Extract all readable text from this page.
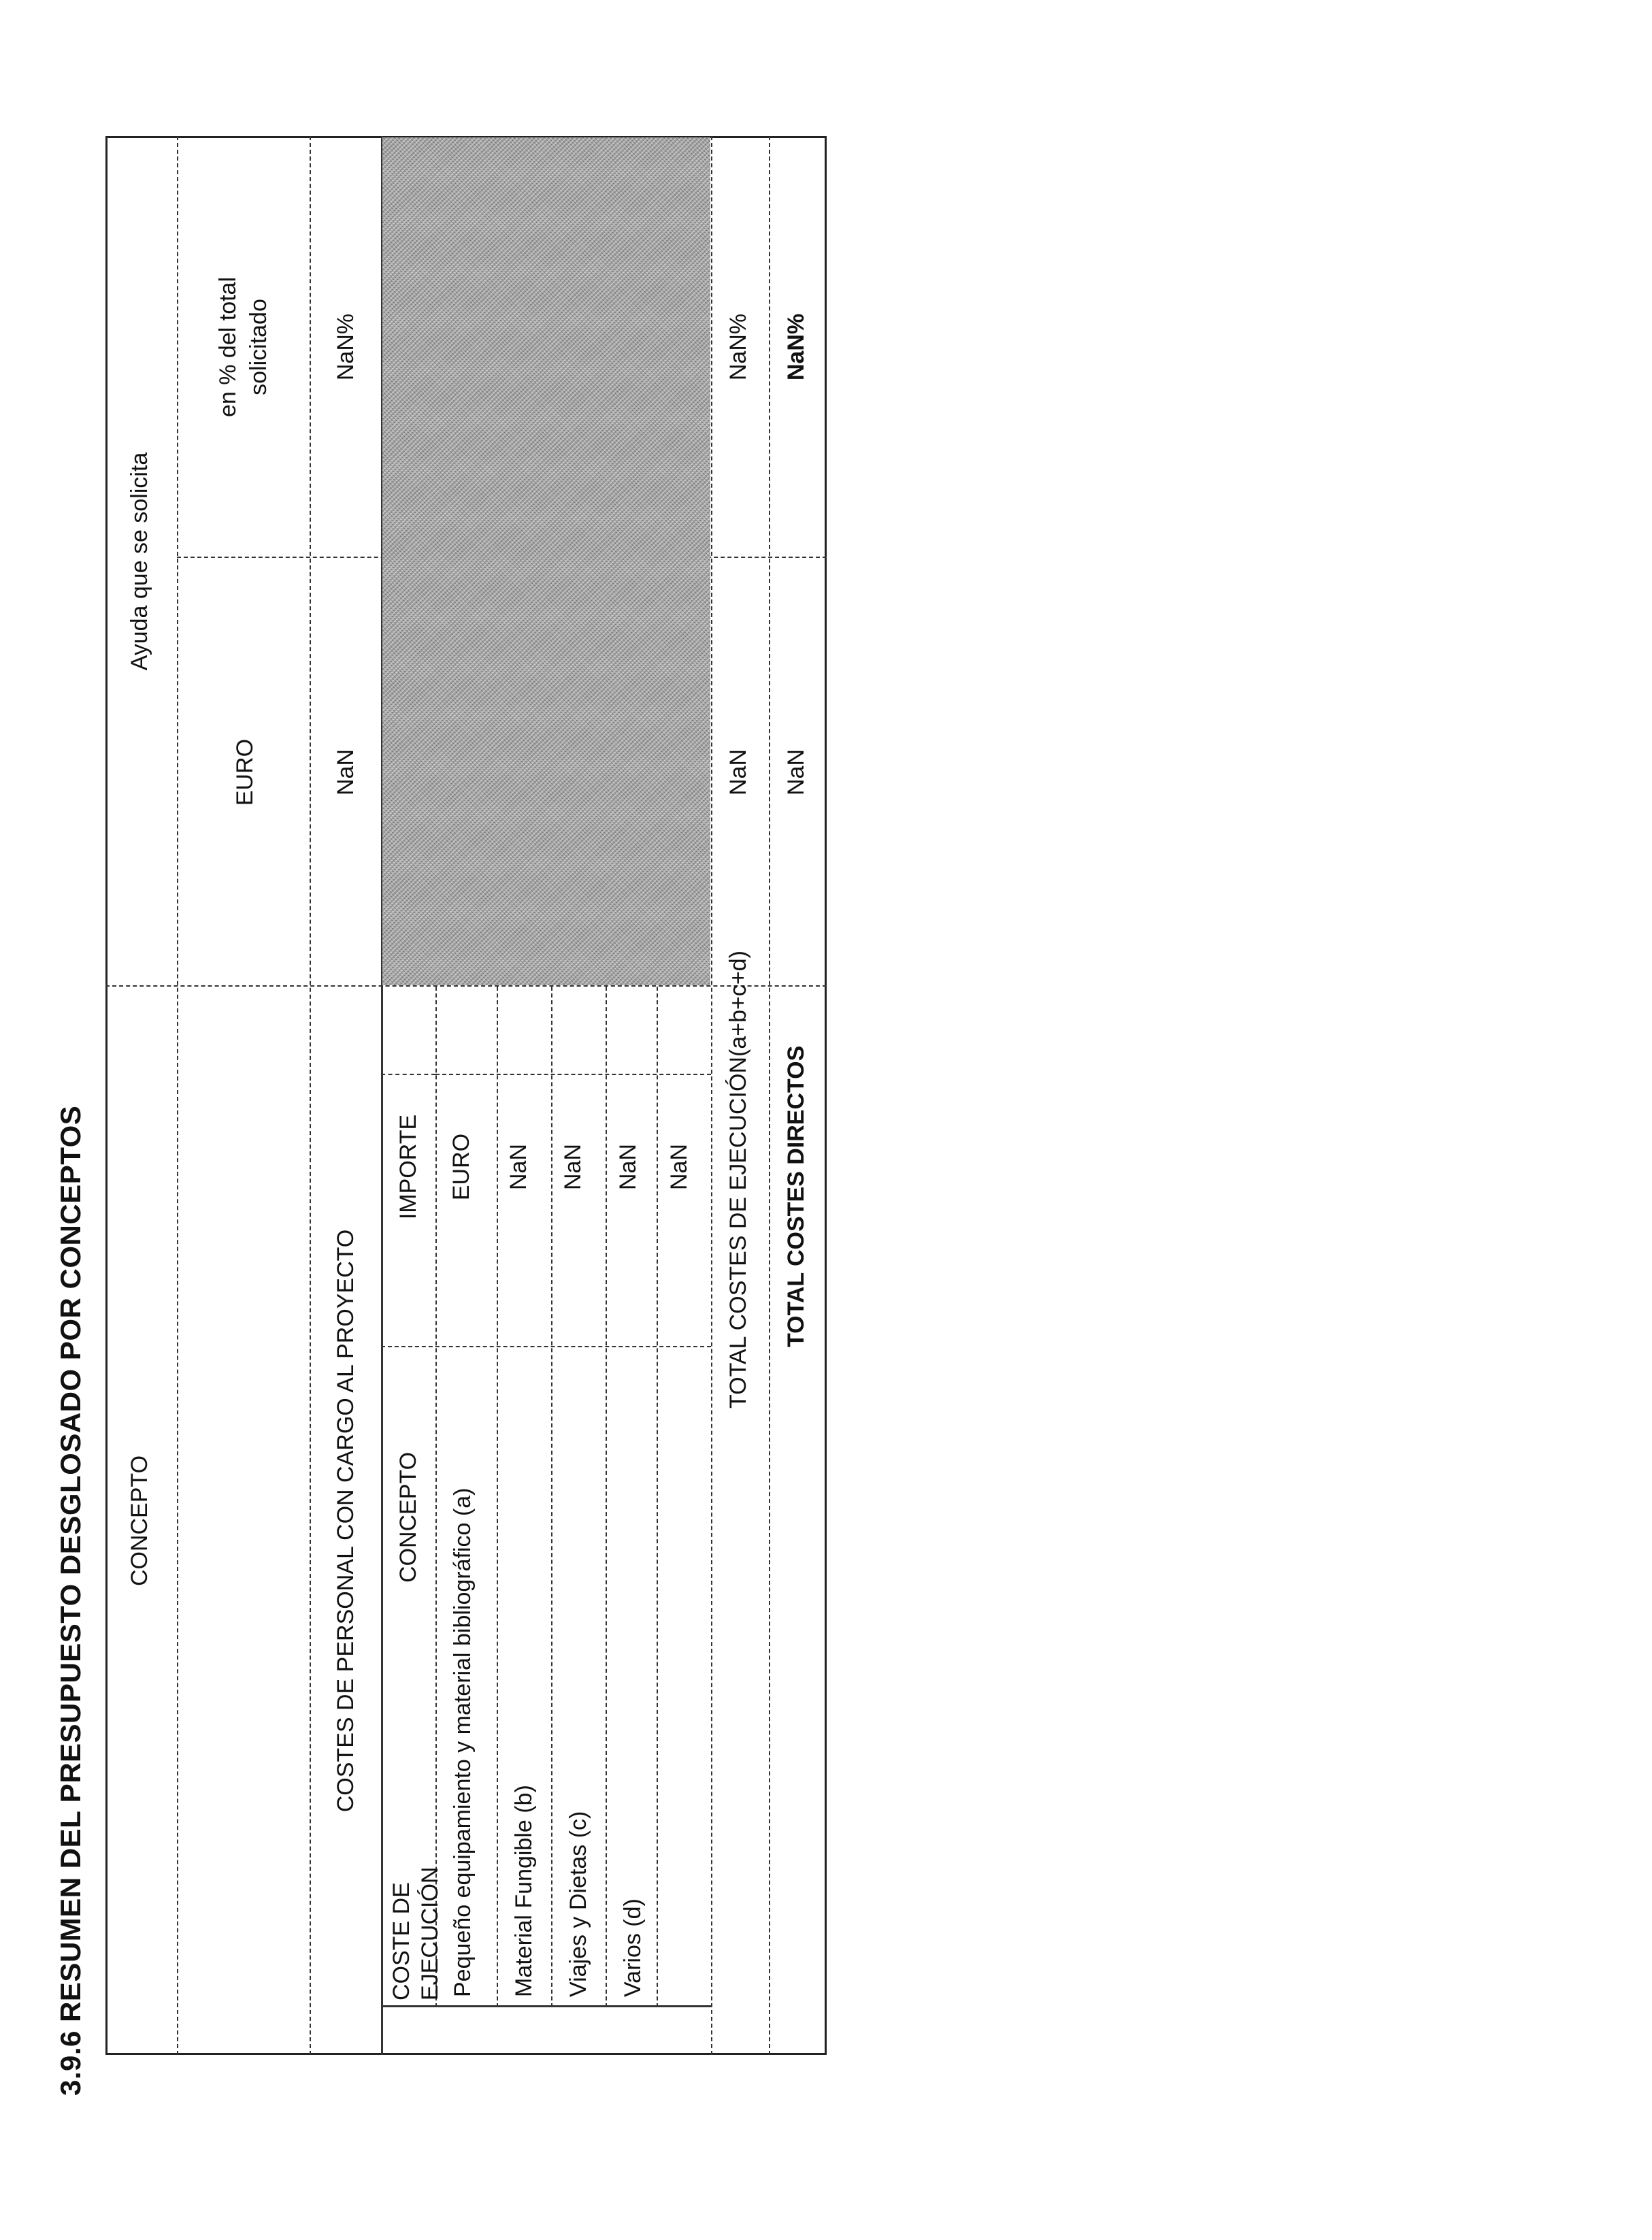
3.9.6 RESUMEN DEL PRESUPUESTO DESGLOSADO POR CONCEPTOS CONCEPTO
Ayuda que se solicita
EURO
en % del total solicitado
COSTES DE PERSONAL CON CARGO AL PROYECTO
NaN
NaN%
COSTE DE EJECUCIÓN
CONCEPTO
IMPORTE EURO
Pequeño equipamiento y material bibliográfico (a)
NaN
Material Fungible (b)
NaN
Viajes y Dietas (c)
NaN
Varios (d)
NaN TOTAL COSTES DE EJECUCIÓN(a+b+c+d)
NaN
NaN%
TOTAL COSTES DIRECTOS
NaN
NaN%
